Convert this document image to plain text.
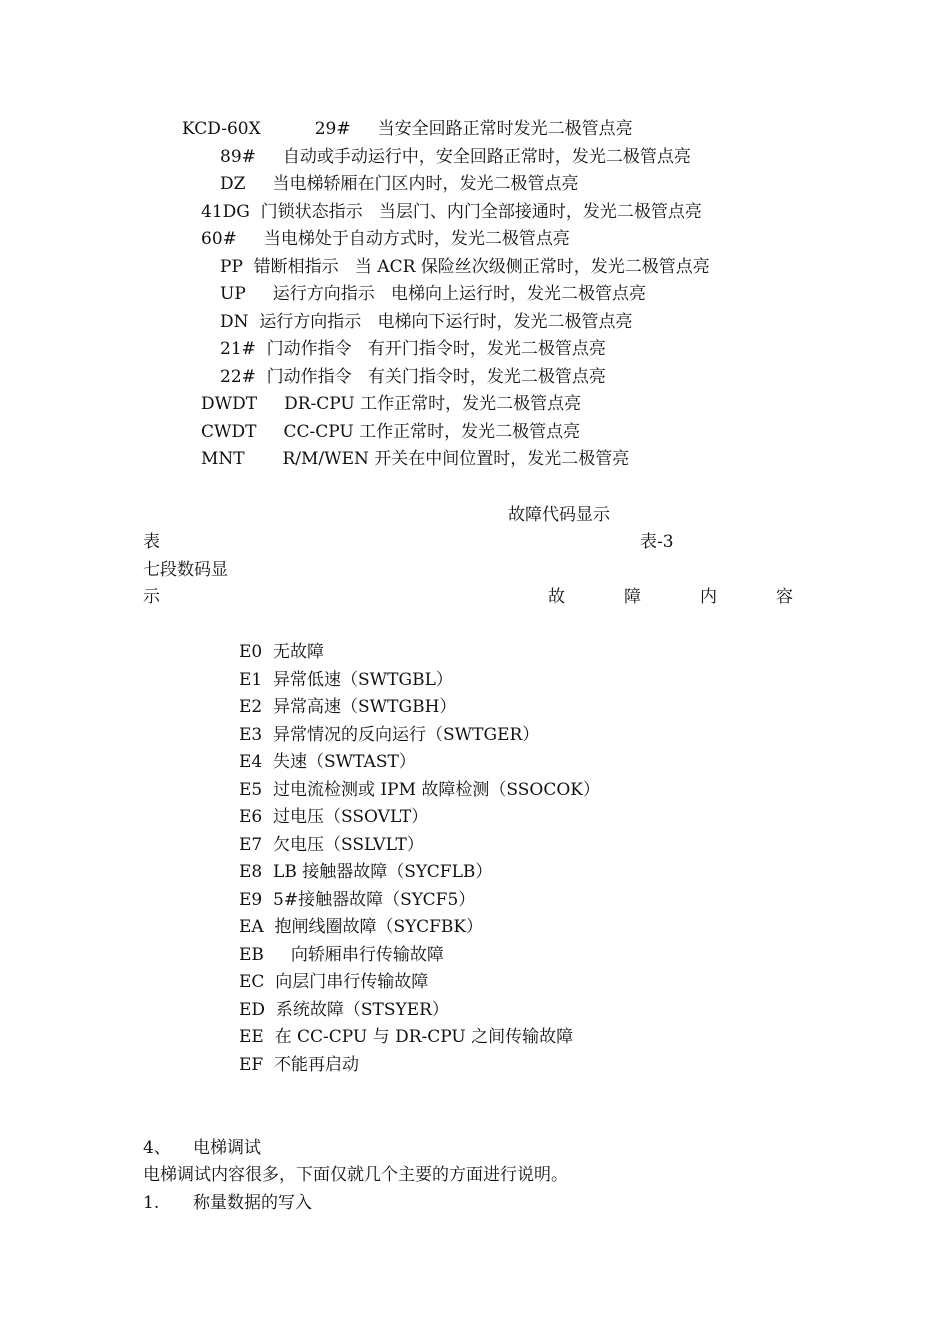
KCD-60X          29#     当安全回路正常时发光二极管点亮
89#     自动或手动运行中，安全回路正常时，发光二极管点亮
DZ     当电梯轿厢在门区内时，发光二极管点亮
41DG  门锁状态指示   当层门、内门全部接通时，发光二极管点亮
60#     当电梯处于自动方式时，发光二极管点亮
PP  错断相指示   当 ACR 保险丝次级侧正常时，发光二极管点亮
UP     运行方向指示   电梯向上运行时，发光二极管点亮
DN  运行方向指示   电梯向下运行时，发光二极管点亮
21#  门动作指令   有开门指令时，发光二极管点亮
22#  门动作指令   有关门指令时，发光二极管点亮
DWDT     DR-CPU 工作正常时，发光二极管点亮
CWDT     CC-CPU 工作正常时，发光二极管点亮
MNT       R/M/WEN 开关在中间位置时，发光二极管亮
故障代码显示
表	表-3
七段数码显
示	故	障	内	容
E0  无故障
E1  异常低速（SWTGBL）
E2  异常高速（SWTGBH）
E3  异常情况的反向运行（SWTGER）
E4  失速（SWTAST）
E5  过电流检测或 IPM 故障检测（SSOCOK）
E6  过电压（SSOVLT）
E7  欠电压（SSLVLT）
E8  LB 接触器故障（SYCFLB）
E9  5#接触器故障（SYCF5）
EA  抱闸线圈故障（SYCFBK）
EB     向轿厢串行传输故障
EC  向层门串行传输故障
ED  系统故障（STSYER）
EE  在 CC-CPU 与 DR-CPU 之间传输故障
EF  不能再启动
4、 电梯调试
电梯调试内容很多，下面仅就几个主要的方面进行说明。
1. 称量数据的写入
